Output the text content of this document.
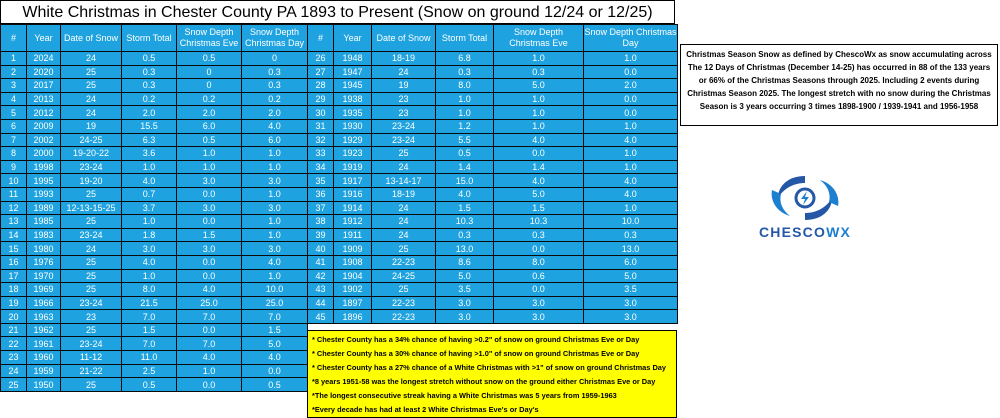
White Christmas in Chester County PA 1893 to Present (Snow on ground 12/24 or 12/25)
#	Year	Date of Snow	Storm Total	Snow Depth Christmas Eve	Snow Depth Christmas Day
1	2024	24	0.5	0.5	0
2	2020	25	0.3	0	0.3
3	2017	25	0.3	0	0.3
4	2013	24	0.2	0.2	0.2
5	2012	24	2.0	2.0	2.0
6	2009	19	15.5	6.0	4.0
7	2002	24-25	6.3	0.5	6.0
8	2000	19-20-22	3.6	1.0	1.0
9	1998	23-24	1.0	1.0	1.0
10	1995	19-20	4.0	3.0	3.0
11	1993	25	0.7	0.0	1.0
12	1989	12-13-15-25	3.7	3.0	3.0
13	1985	25	1.0	0.0	1.0
14	1983	23-24	1.8	1.5	1.0
15	1980	24	3.0	3.0	3.0
16	1976	25	4.0	0.0	4.0
17	1970	25	1.0	0.0	1.0
18	1969	25	8.0	4.0	10.0
19	1966	23-24	21.5	25.0	25.0
20	1963	23	7.0	7.0	7.0
21	1962	25	1.5	0.0	1.5
22	1961	23-24	7.0	7.0	5.0
23	1960	11-12	11.0	4.0	4.0
24	1959	21-22	2.5	1.0	0.0
25	1950	25	0.5	0.0	0.5
#	Year	Date of Snow	Storm Total	Snow Depth Christmas Eve	Snow Depth Christmas Day
26	1948	18-19	6.8	1.0	1.0
27	1947	24	0.3	0.3	0.0
28	1945	19	8.0	5.0	2.0
29	1938	23	1.0	1.0	0.0
30	1935	23	1.0	1.0	0.0
31	1930	23-24	1.2	1.0	1.0
32	1929	23-24	5.5	4.0	4.0
33	1923	25	0.5	0.0	1.0
34	1919	24	1.4	1.4	1.0
35	1917	13-14-17	15.0	4.0	4.0
36	1916	18-19	4.0	5.0	4.0
37	1914	24	1.5	1.5	1.0
38	1912	24	10.3	10.3	10.0
39	1911	24	0.3	0.3	0.3
40	1909	25	13.0	0.0	13.0
41	1908	22-23	8.6	8.0	6.0
42	1904	24-25	5.0	0.6	5.0
43	1902	25	3.5	0.0	3.5
44	1897	22-23	3.0	3.0	3.0
45	1896	22-23	3.0	3.0	3.0
* Chester County has a 34% chance of having >0.2" of snow on ground Christmas Eve or Day
* Chester County has a 30% chance of having >1.0" of snow on ground Christmas Eve or Day
* Chester County has a 27% chance of a White Christmas with >1" of snow on ground Christmas Day
*8 years 1951-58 was the longest stretch without snow on the ground either Christmas Eve or Day
*The longest consecutive streak having a White Christmas was 5 years from 1959-1963
*Every decade has had at least 2 White Christmas Eve's or Day's
Christmas Season Snow as defined by ChescoWx as snow accumulating across The 12 Days of Christmas (December 14-25) has occurred in 88 of the 133 years or 66% of the Christmas Seasons through 2025. Including 2 events during Christmas Season 2025. The longest stretch with no snow during the Christmas Season is 3 years occurring 3 times 1898-1900 / 1939-1941 and 1956-1958
CHESCOWX
